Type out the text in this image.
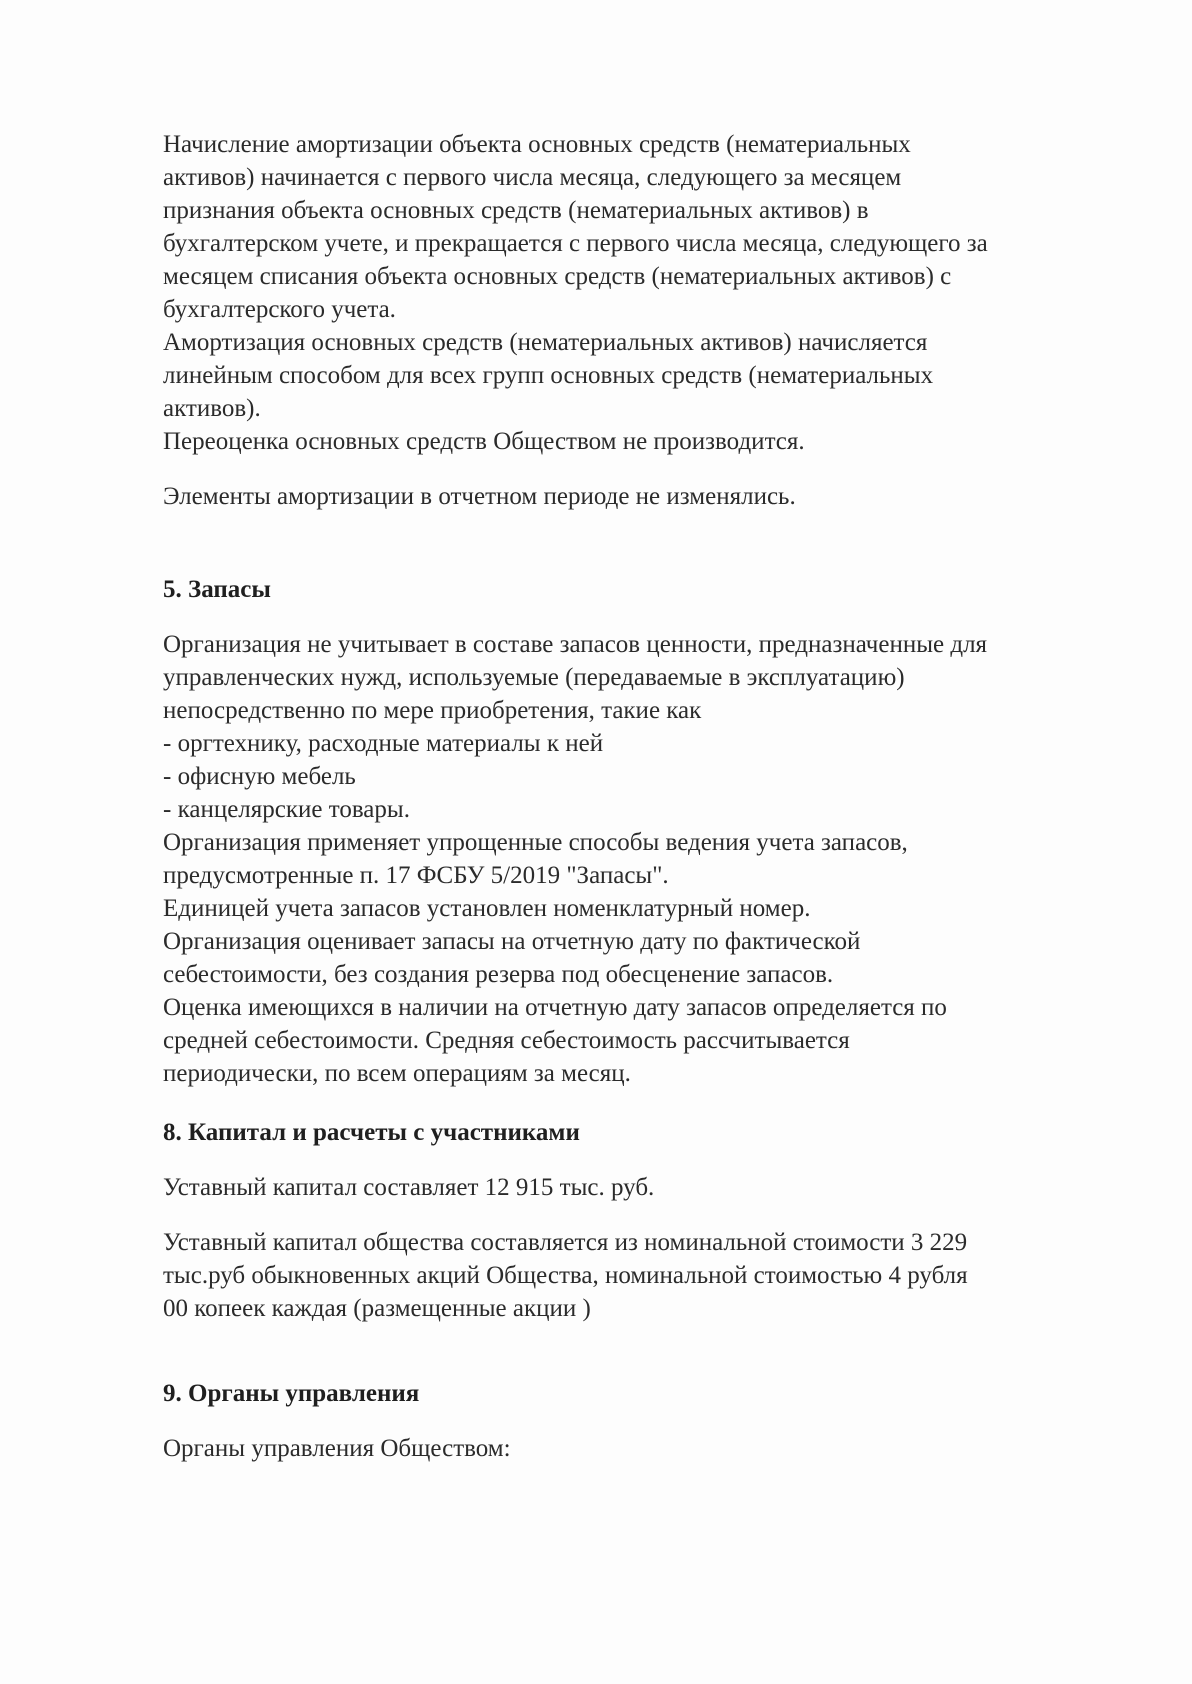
Начисление амортизации объекта основных средств (нематериальных
активов) начинается с первого числа месяца, следующего за месяцем
признания объекта основных средств (нематериальных активов) в
бухгалтерском учете, и прекращается с первого числа месяца, следующего за
месяцем списания объекта основных средств (нематериальных активов) с
бухгалтерского учета.
Амортизация основных средств (нематериальных активов) начисляется
линейным способом для всех групп основных средств (нематериальных
активов).
Переоценка основных средств Обществом не производится.
Элементы амортизации в отчетном периоде не изменялись.
5. Запасы
Организация не учитывает в составе запасов ценности, предназначенные для
управленческих нужд, используемые (передаваемые в эксплуатацию)
непосредственно по мере приобретения, такие как
- оргтехнику, расходные материалы к ней
- офисную мебель
- канцелярские товары.
Организация применяет упрощенные способы ведения учета запасов,
предусмотренные п. 17 ФСБУ 5/2019 "Запасы".
Единицей учета запасов установлен номенклатурный номер.
Организация оценивает запасы на отчетную дату по фактической
себестоимости, без создания резерва под обесценение запасов.
Оценка имеющихся в наличии на отчетную дату запасов определяется по
средней себестоимости. Средняя себестоимость рассчитывается
периодически, по всем операциям за месяц.
8. Капитал и расчеты с участниками
Уставный капитал составляет 12 915 тыс. руб.
Уставный капитал общества составляется из номинальной стоимости 3 229
тыс.руб обыкновенных акций Общества, номинальной стоимостью 4 рубля
00 копеек каждая (размещенные акции )
9. Органы управления
Органы управления Обществом:
